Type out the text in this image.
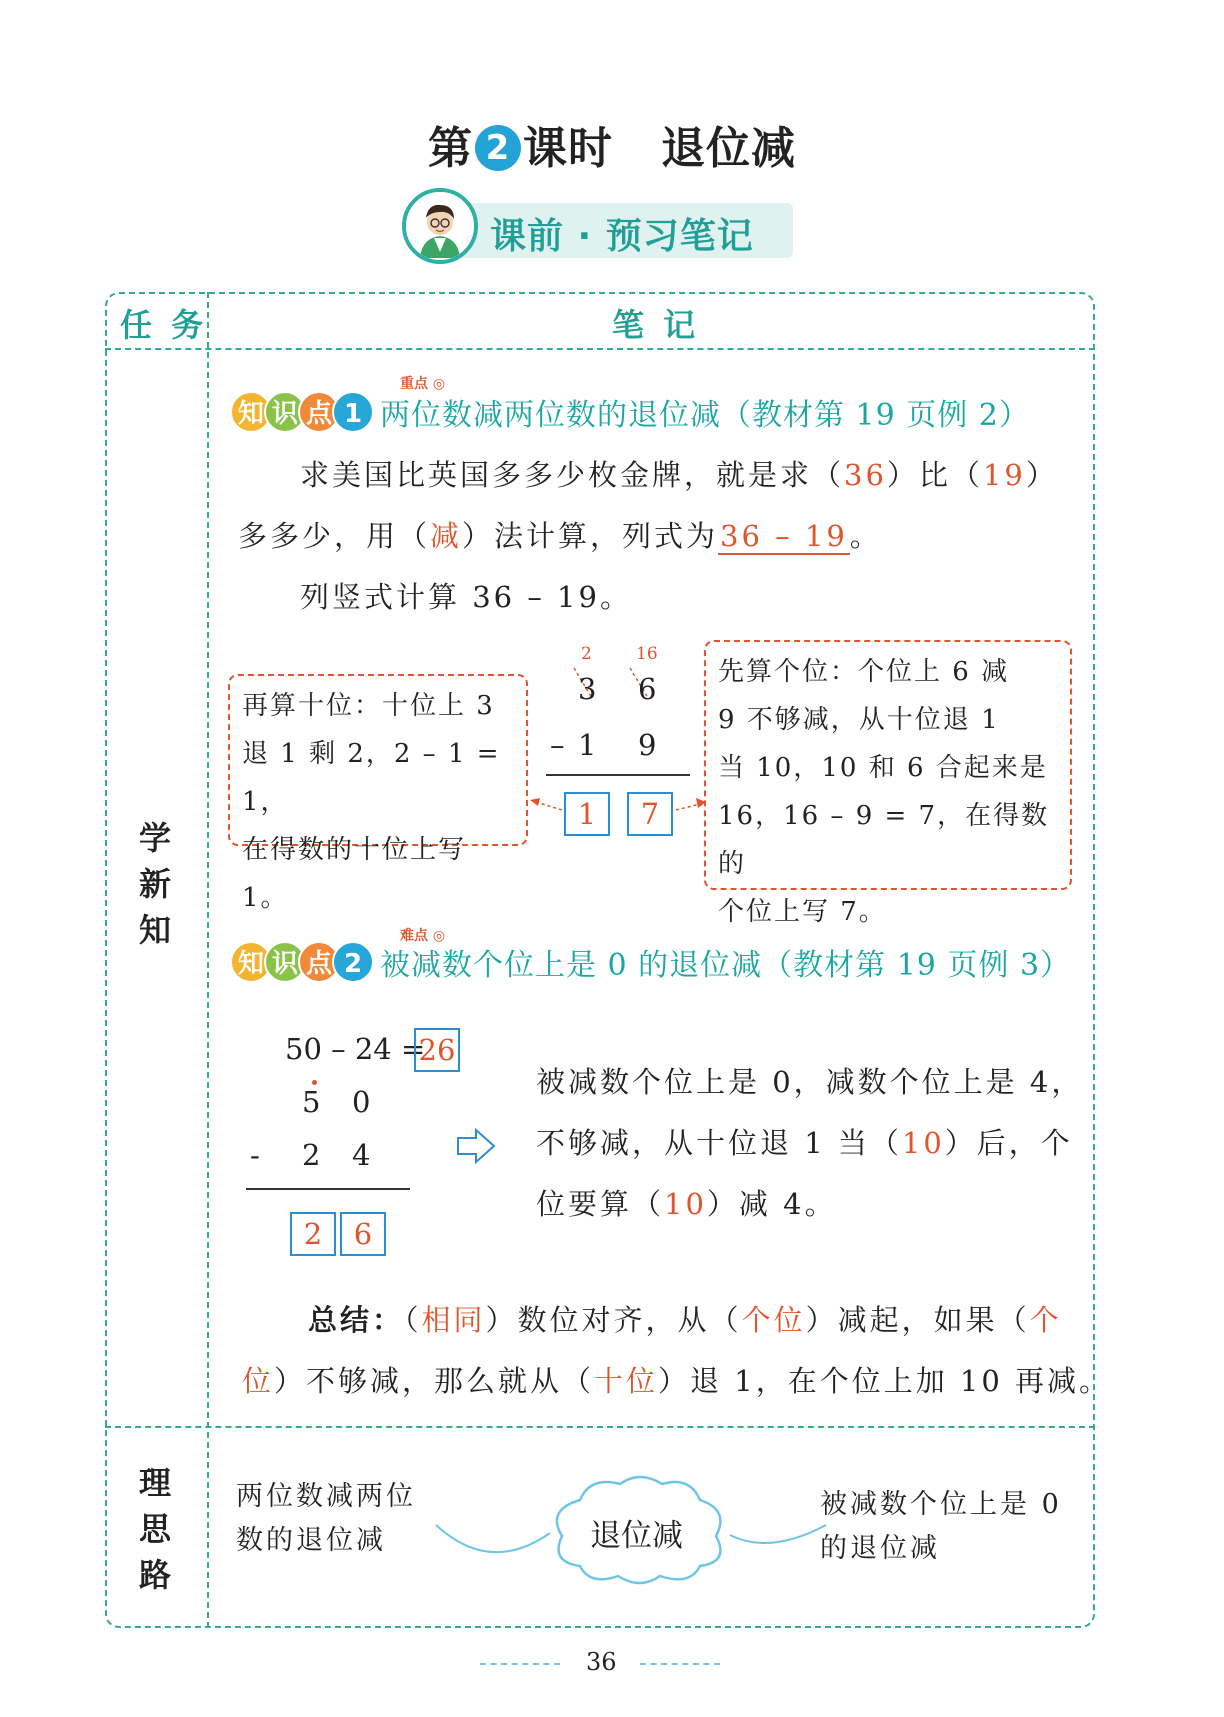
第 2 课时 退位减
课前 · 预习笔记
任 务	笔 记
学
新
知
理
思
路
重点 ◎
知 识 点 1 两位数减两位数的退位减（教材第 19 页例 2）
求美国比英国多多少枚金牌，就是求（36）比（19）
多多少，用（减）法计算，列式为36 – 19。
列竖式计算 36 – 19。
再算十位：十位上 3
退 1 剩 2，2 – 1 = 1，
在得数的十位上写 1。
先算个位：个位上 6 减
9 不够减，从十位退 1
当 10，10 和 6 合起来是
16，16 – 9 = 7，在得数的
个位上写 7。
2	16
3 6
– 1 9
1	7
难点 ◎
知 识 点 2 被减数个位上是 0 的退位减（教材第 19 页例 3）
50 – 24 =
26
5 0
- 2 4
2	6
被减数个位上是 0，减数个位上是 4，
不够减，从十位退 1 当（10）后，个
位要算（10）减 4。
总结：（相同）数位对齐，从（个位）减起，如果（个
位）不够减，那么就从（十位）退 1，在个位上加 10 再减。
两位数减两位
数的退位减	退位减
被减数个位上是 0
的退位减
36
